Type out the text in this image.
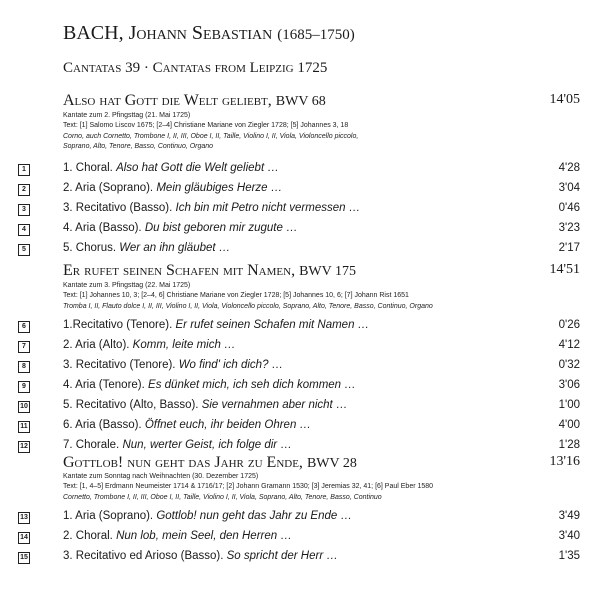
BACH, Johann Sebastian (1685–1750)
Cantatas 39 · Cantatas from Leipzig 1725
Also hat Gott die Welt geliebt, BWV 68	14'05
Kantate zum 2. Pfingsttag (21. Mai 1725)
Text: [1] Salomo Liscov 1675; [2–4] Christiane Mariane von Ziegler 1728; [5] Johannes 3, 18
Corno, auch Cornetto, Trombone I, II, III, Oboe I, II, Taille, Violino I, II, Viola, Violoncello piccolo,
Soprano, Alto, Tenore, Basso, Continuo, Organo
1	1. Choral. Also hat Gott die Welt geliebt …	4'28
2	2. Aria (Soprano). Mein gläubiges Herze …	3'04
3	3. Recitativo (Basso). Ich bin mit Petro nicht vermessen …	0'46
4	4. Aria (Basso). Du bist geboren mir zugute …	3'23
5	5. Chorus. Wer an ihn gläubet …	2'17
Er rufet seinen Schafen mit Namen, BWV 175	14'51
Kantate zum 3. Pfingsttag (22. Mai 1725)
Text: [1] Johannes 10, 3; [2–4, 6] Christiane Mariane von Ziegler 1728; [5] Johannes 10, 6; [7] Johann Rist 1651
Tromba I, II, Flauto dolce I, II, III, Violino I, II, Viola, Violoncello piccolo, Soprano, Alto, Tenore, Basso, Continuo, Organo
6	1.Recitativo (Tenore). Er rufet seinen Schafen mit Namen …	0'26
7	2. Aria (Alto). Komm, leite mich …	4'12
8	3. Recitativo (Tenore). Wo find' ich dich? …	0'32
9	4. Aria (Tenore). Es dünket mich, ich seh dich kommen …	3'06
10	5. Recitativo (Alto, Basso). Sie vernahmen aber nicht …	1'00
11	6. Aria (Basso). Öffnet euch, ihr beiden Ohren …	4'00
12	7. Chorale. Nun, werter Geist, ich folge dir …	1'28
Gottlob! nun geht das Jahr zu Ende, BWV 28	13'16
Kantate zum Sonntag nach Weihnachten (30. Dezember 1725)
Text: [1, 4–5] Erdmann Neumeister 1714 & 1716/17; [2] Johann Gramann 1530; [3] Jeremias 32, 41; [6] Paul Eber 1580
Cornetto, Trombone I, II, III, Oboe I, II, Taille, Violino I, II, Viola, Soprano, Alto, Tenore, Basso, Continuo
13	1. Aria (Soprano). Gottlob! nun geht das Jahr zu Ende …	3'49
14	2. Choral. Nun lob, mein Seel, den Herren …	3'40
15	3. Recitativo ed Arioso (Basso). So spricht der Herr …	1'35
